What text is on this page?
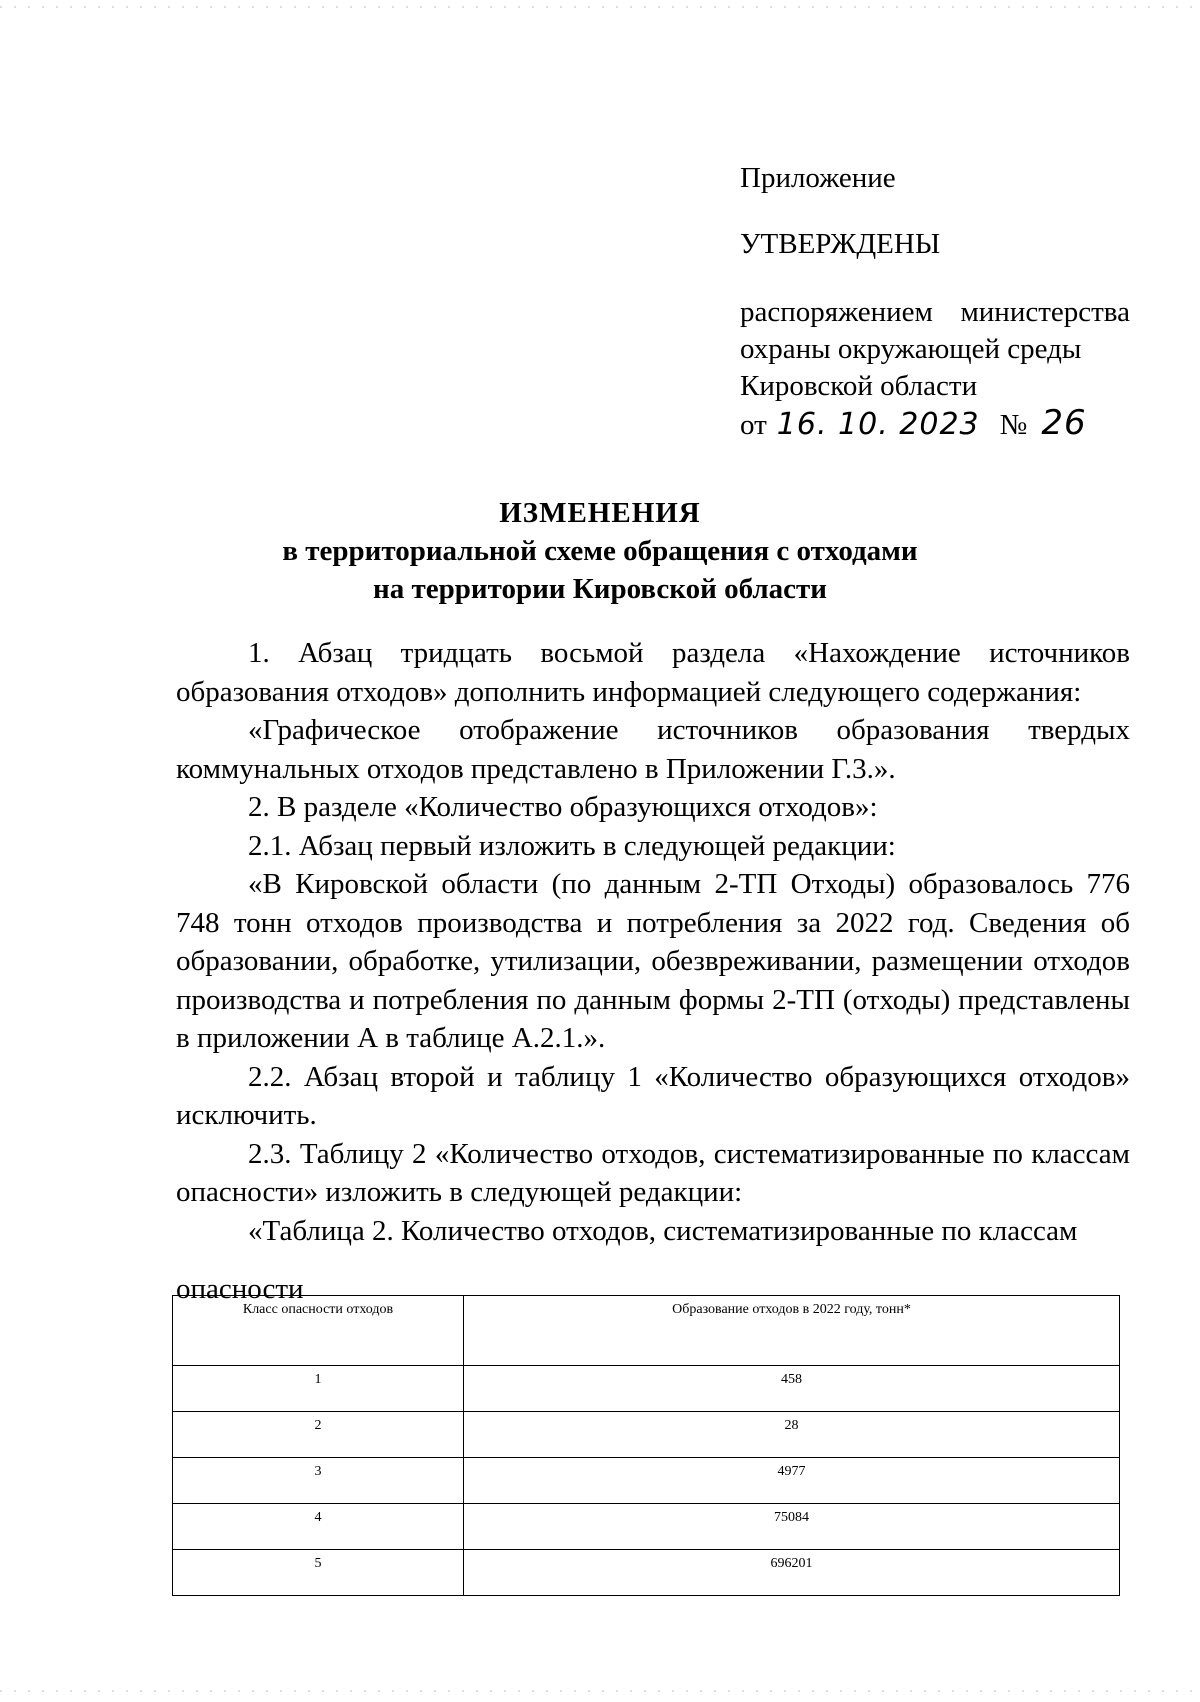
Приложение
УТВЕРЖДЕНЫ
распоряжением министерства
охраны окружающей среды
Кировской области
от 16. 10. 2023 № 26
ИЗМЕНЕНИЯ
в территориальной схеме обращения с отходами
на территории Кировской области

1. Абзац тридцать восьмой раздела «Нахождение источников образования отходов» дополнить информацией следующего содержания:

«Графическое отображение источников образования твердых коммунальных отходов представлено в Приложении Г.3.».

2. В разделе «Количество образующихся отходов»:

2.1. Абзац первый изложить в следующей редакции:

«В Кировской области (по данным 2-ТП Отходы) образовалось 776 748 тонн отходов производства и потребления за 2022 год. Сведения об образовании, обработке, утилизации, обезвреживании, размещении отходов производства и потребления по данным формы 2-ТП (отходы) представлены в приложении А в таблице А.2.1.».

2.2. Абзац второй и таблицу 1 «Количество образующихся отходов» исключить.

2.3. Таблицу 2 «Количество отходов, систематизированные по классам опасности» изложить в следующей редакции:

«Таблица 2. Количество отходов, систематизированные по классам

опасности

Класс опасности отходов	Образование отходов в 2022 году, тонн*
1	458
2	28
3	4977
4	75084
5	696201
